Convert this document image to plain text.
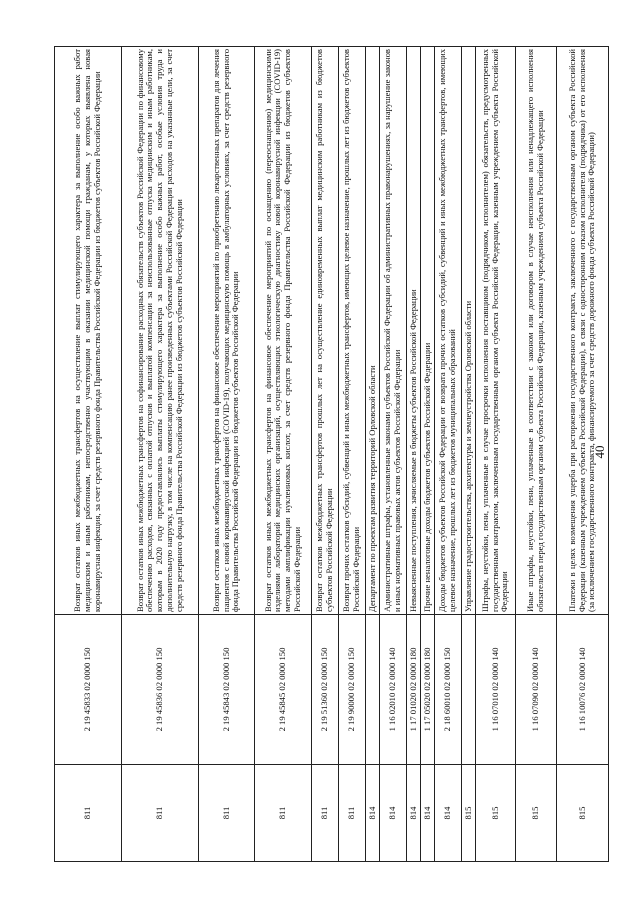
40
811	2 19 45833 02 0000 150	Возврат остатков иных межбюджетных трансфертов на осуществление выплат стимулирующего характера за выполнение особо важных работ медицинским и иным работникам, непосредственно участвующим в оказании медицинской помощи гражданам, у которых выявлена новая коронавирусная инфекция, за счет средств резервного фонда Правительства Российской Федерации из бюджетов субъектов Российской Федерации
811	2 19 45836 02 0000 150	Возврат остатков иных межбюджетных трансфертов на софинансирование расходных обязательств субъектов Российской Федерации по финансовому обеспечению расходов, связанных с оплатой отпусков и выплатой компенсации за неиспользованные отпуска медицинским и иным работникам, которым в 2020 году предоставлялись выплаты стимулирующего характера за выполнение особо важных работ, особые условия труда и дополнительную нагрузку, в том числе на компенсацию ранее произведенных субъектами Российской Федерации расходов на указанные цели, за счет средств резервного фонда Правительства Российской Федерации из бюджетов субъектов Российской Федерации
811	2 19 45843 02 0000 150	Возврат остатков иных межбюджетных трансфертов на финансовое обеспечение мероприятий по приобретению лекарственных препаратов для лечения пациентов с новой коронавирусной инфекцией (COVID-19), получающих медицинскую помощь в амбулаторных условиях, за счет средств резервного фонда Правительства Российской Федерации из бюджетов субъектов Российской Федерации
811	2 19 45845 02 0000 150	Возврат остатков иных межбюджетных трансфертов на финансовое обеспечение мероприятий по оснащению (переоснащению) медицинскими изделиями лабораторий медицинских организаций, осуществляющих этиологическую диагностику новой коронавирусной инфекции (COVID-19) методами амплификации нуклеиновых кислот, за счет средств резервного фонда Правительства Российской Федерации из бюджетов субъектов Российской Федерации
811	2 19 51360 02 0000 150	Возврат остатков межбюджетных трансфертов прошлых лет на осуществление единовременных выплат медицинским работникам из бюджетов субъектов Российской Федерации
811	2 19 90000 02 0000 150	Возврат прочих остатков субсидий, субвенций и иных межбюджетных трансфертов, имеющих целевое назначение, прошлых лет из бюджетов субъектов Российской Федерации
814		Департамент по проектам развития территорий Орловской области
814	1 16 02010 02 0000 140	Административные штрафы, установленные законами субъектов Российской Федерации об административных правонарушениях, за нарушение законов и иных нормативных правовых актов субъектов Российской Федерации
814	1 17 01020 02 0000 180	Невыясненные поступления, зачисляемые в бюджеты субъектов Российской Федерации
814	1 17 05020 02 0000 180	Прочие неналоговые доходы бюджетов субъектов Российской Федерации
814	2 18 60010 02 0000 150	Доходы бюджетов субъектов Российской Федерации от возврата прочих остатков субсидий, субвенций и иных межбюджетных трансфертов, имеющих целевое назначение, прошлых лет из бюджетов муниципальных образований
815		Управление градостроительства, архитектуры и землеустройства Орловской области
815	1 16 07010 02 0000 140	Штрафы, неустойки, пени, уплаченные в случае просрочки исполнения поставщиком (подрядчиком, исполнителем) обязательств, предусмотренных государственным контрактом, заключенным государственным органом субъекта Российской Федерации, казенным учреждением субъекта Российской Федерации
815	1 16 07090 02 0000 140	Иные штрафы, неустойки, пени, уплаченные в соответствии с законом или договором в случае неисполнения или ненадлежащего исполнения обязательств перед государственным органом субъекта Российской Федерации, казенным учреждением субъекта Российской Федерации
815	1 16 10076 02 0000 140	Платежи в целях возмещения ущерба при расторжении государственного контракта, заключенного с государственным органом субъекта Российской Федерации (казенным учреждением субъекта Российской Федерации), в связи с односторонним отказом исполнителя (подрядчика) от его исполнения (за исключением государственного контракта, финансируемого за счет средств дорожного фонда субъекта Российской Федерации)
